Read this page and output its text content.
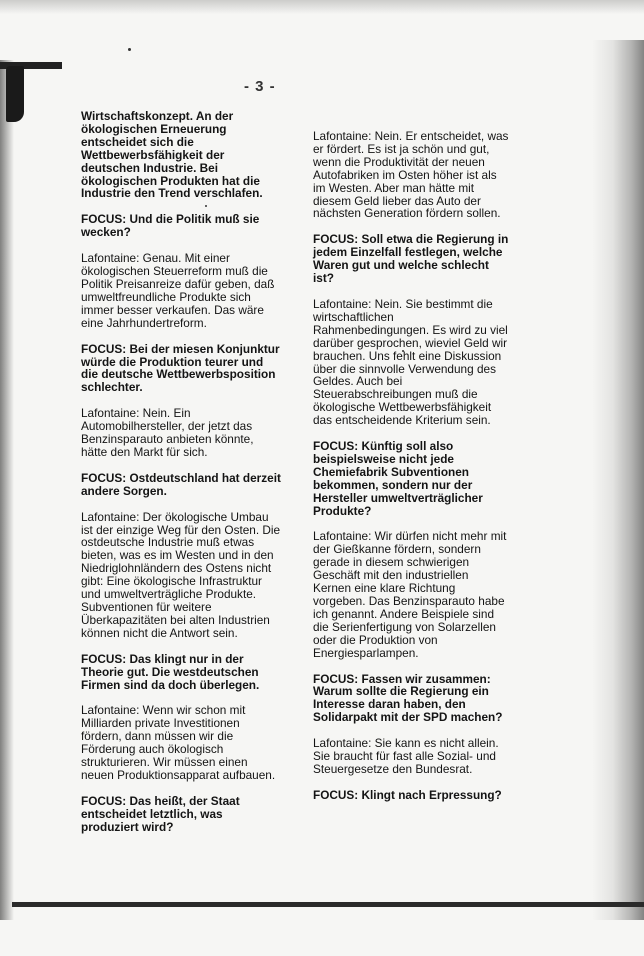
- 3 -

Wirtschaftskonzept. An der ökologischen Erneuerung entscheidet sich die Wettbewerbsfähigkeit der deutschen Industrie. Bei ökologischen Produkten hat die Industrie den Trend verschlafen.

FOCUS: Und die Politik muß sie wecken?

Lafontaine: Genau. Mit einer ökologischen Steuerreform muß die Politik Preisanreize dafür geben, daß umweltfreundliche Produkte sich immer besser verkaufen. Das wäre eine Jahrhundertreform.

FOCUS: Bei der miesen Konjunktur würde die Produktion teurer und die deutsche Wettbewerbsposition schlechter.

Lafontaine: Nein. Ein Automobilhersteller, der jetzt das Benzinsparauto anbieten könnte, hätte den Markt für sich.

FOCUS: Ostdeutschland hat derzeit andere Sorgen.

Lafontaine: Der ökologische Umbau ist der einzige Weg für den Osten. Die ostdeutsche Industrie muß etwas bieten, was es im Westen und in den Niedriglohnländern des Ostens nicht gibt: Eine ökologische Infrastruktur und umweltverträgliche Produkte. Subventionen für weitere Überkapazitäten bei alten Industrien können nicht die Antwort sein.

FOCUS: Das klingt nur in der Theorie gut. Die westdeutschen Firmen sind da doch überlegen.

Lafontaine: Wenn wir schon mit Milliarden private Investitionen fördern, dann müssen wir die Förderung auch ökologisch strukturieren. Wir müssen einen neuen Produktionsapparat aufbauen.

FOCUS: Das heißt, der Staat entscheidet letztlich, was produziert wird?

Lafontaine: Nein. Er entscheidet, was er fördert. Es ist ja schön und gut, wenn die Produktivität der neuen Autofabriken im Osten höher ist als im Westen. Aber man hätte mit diesem Geld lieber das Auto der nächsten Generation fördern sollen.

FOCUS: Soll etwa die Regierung in jedem Einzelfall festlegen, welche Waren gut und welche schlecht ist?

Lafontaine: Nein. Sie bestimmt die wirtschaftlichen Rahmenbedingungen. Es wird zu viel darüber gesprochen, wieviel Geld wir brauchen. Uns fehlt eine Diskussion über die sinnvolle Verwendung des Geldes. Auch bei Steuerabschreibungen muß die ökologische Wettbewerbsfähigkeit das entscheidende Kriterium sein.

FOCUS: Künftig soll also beispielsweise nicht jede Chemiefabrik Subventionen bekommen, sondern nur der Hersteller umweltverträglicher Produkte?

Lafontaine: Wir dürfen nicht mehr mit der Gießkanne fördern, sondern gerade in diesem schwierigen Geschäft mit den industriellen Kernen eine klare Richtung vorgeben. Das Benzinsparauto habe ich genannt. Andere Beispiele sind die Serienfertigung von Solarzellen oder die Produktion von Energiesparlampen.

FOCUS: Fassen wir zusammen: Warum sollte die Regierung ein Interesse daran haben, den Solidarpakt mit der SPD machen?

Lafontaine: Sie kann es nicht allein. Sie braucht für fast alle Sozial- und Steuergesetze den Bundesrat.

FOCUS: Klingt nach Erpressung?
